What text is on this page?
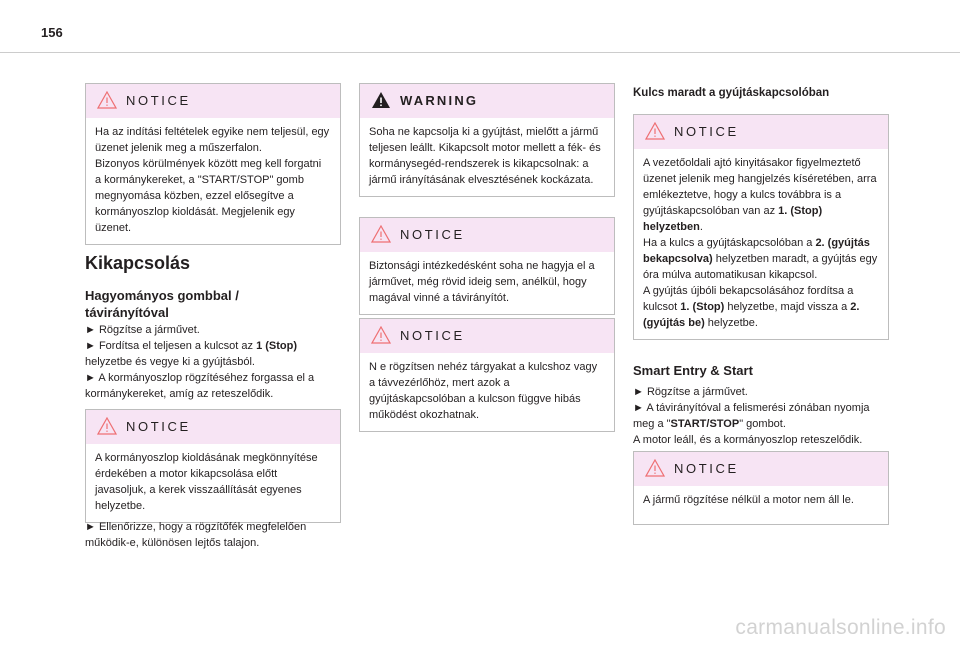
156
NOTICE
Ha az indítási feltételek egyike nem teljesül, egy üzenet jelenik meg a műszerfalon.
Bizonyos körülmények között meg kell forgatni a kormánykereket, a "START/STOP" gomb megnyomása közben, ezzel elősegítve a kormányoszlop kioldását. Megjelenik egy üzenet.
Kikapcsolás
Hagyományos gombbal / távirányítóval
► Rögzítse a járművet.
► Fordítsa el teljesen a kulcsot az 1 (Stop) helyzetbe és vegye ki a gyújtásból.
► A kormányoszlop rögzítéséhez forgassa el a kormánykereket, amíg az reteszelődik.
NOTICE
A kormányoszlop kioldásának megkönnyítése érdekében a motor kikapcsolása előtt javasoljuk, a kerek visszaállítását egyenes helyzetbe.
► Ellenőrizze, hogy a rögzítőfék megfelelően működik-e, különösen lejtős talajon.
WARNING
Soha ne kapcsolja ki a gyújtást, mielőtt a jármű teljesen leállt. Kikapcsolt motor mellett a fék- és kormánysegéd-rendszerek is kikapcsolnak: a jármű irányításának elvesztésének kockázata.
NOTICE
Biztonsági intézkedésként soha ne hagyja el a járművet, még rövid ideig sem, anélkül, hogy magával vinné a távirányítót.
NOTICE
N e rögzítsen nehéz tárgyakat a kulcshoz vagy a távvezérlőhöz, mert azok a gyújtáskapcsolóban a kulcson függve hibás működést okozhatnak.
Kulcs maradt a gyújtáskapcsolóban
NOTICE
A vezetőoldali ajtó kinyitásakor figyelmeztető üzenet jelenik meg hangjelzés kíséretében, arra emlékeztetve, hogy a kulcs továbbra is a gyújtáskapcsolóban van az 1. (Stop) helyzetben.
Ha a kulcs a gyújtáskapcsolóban a 2. (gyújtás bekapcsolva) helyzetben maradt, a gyújtás egy óra múlva automatikusan kikapcsol.
A gyújtás újbóli bekapcsolásához fordítsa a kulcsot 1. (Stop) helyzetbe, majd vissza a 2. (gyújtás be) helyzetbe.
Smart Entry & Start
► Rögzítse a járművet.
► A távirányítóval a felismerési zónában nyomja meg a "START/STOP" gombot.
A motor leáll, és a kormányoszlop reteszelődik.
NOTICE
A jármű rögzítése nélkül a motor nem áll le.
carmanualsonline.info
